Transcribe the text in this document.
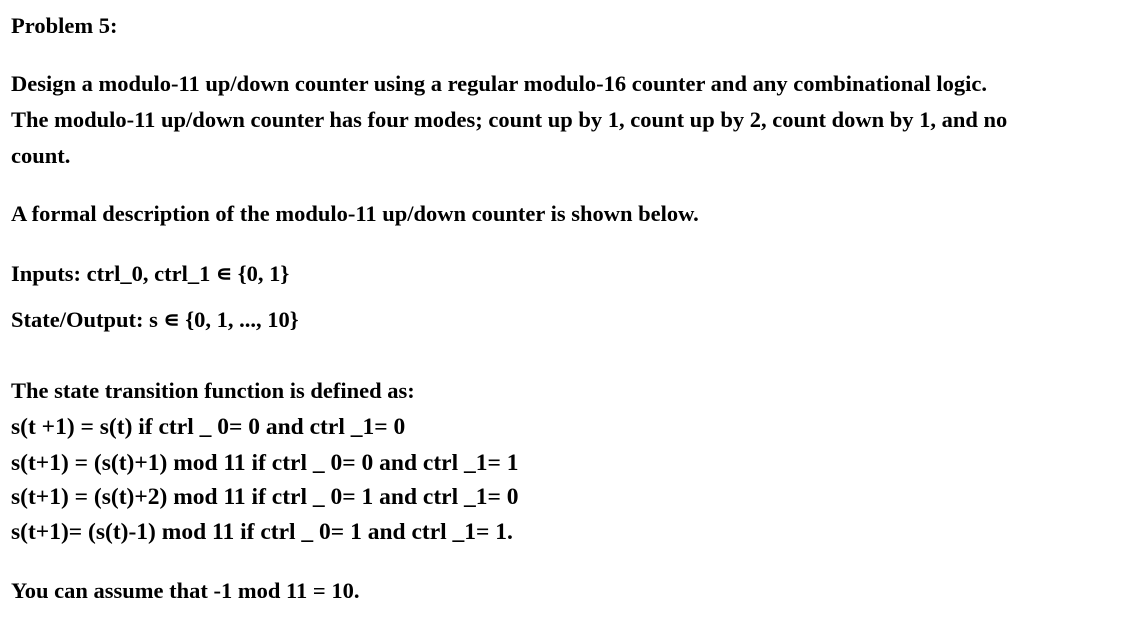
Problem 5:
Design a modulo-11 up/down counter using a regular modulo-16 counter and any combinational logic.
The modulo-11 up/down counter has four modes; count up by 1, count up by 2, count down by 1, and no
count.
A formal description of the modulo-11 up/down counter is shown below.
Inputs: ctrl_0, ctrl_1 ∊ {0, 1}
State/Output: s ∊ {0, 1, ..., 10}
The state transition function is defined as:
s(t +1) = s(t) if ctrl _ 0= 0 and ctrl _1= 0
s(t+1) = (s(t)+1) mod 11 if ctrl _ 0= 0 and ctrl _1= 1
s(t+1) = (s(t)+2) mod 11 if ctrl _ 0= 1 and ctrl _1= 0
s(t+1)= (s(t)-1) mod 11 if ctrl _ 0= 1 and ctrl _1= 1.
You can assume that -1 mod 11 = 10.
